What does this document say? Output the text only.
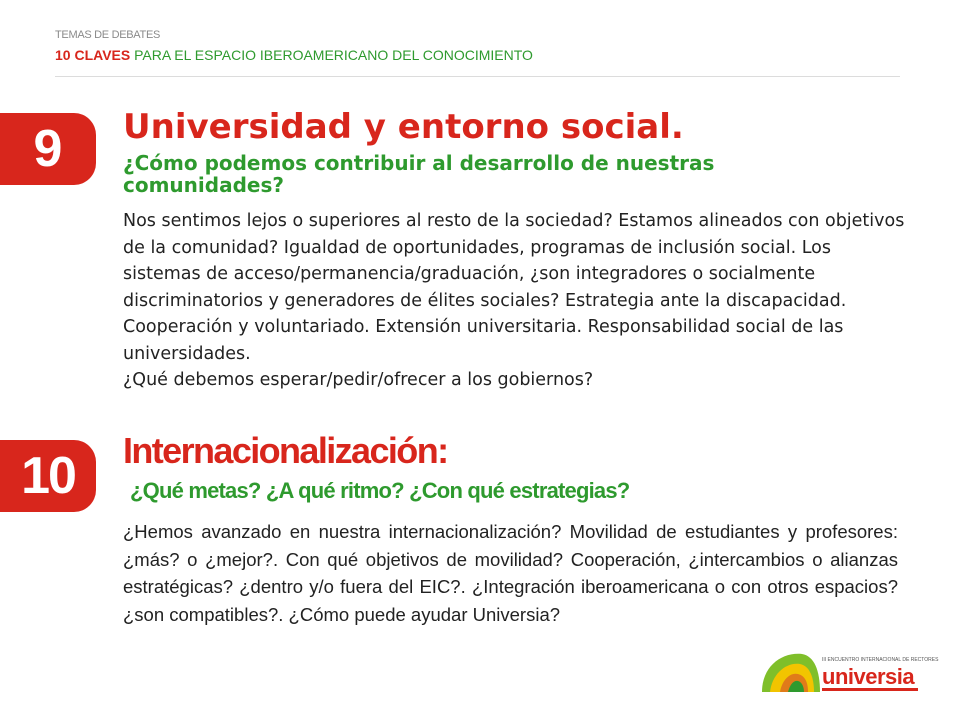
TEMAS DE DEBATES
10 CLAVES PARA EL ESPACIO IBEROAMERICANO DEL CONOCIMIENTO
9	Universidad y entorno social.
¿Cómo podemos contribuir al desarrollo de nuestras comunidades?
Nos sentimos lejos o superiores al resto de la sociedad? Estamos alineados con objetivos de la comunidad? Igualdad de oportunidades, programas de inclusión social. Los sistemas de acceso/permanencia/graduación, ¿son integradores o socialmente discriminatorios y generadores de élites sociales? Estrategia ante la discapacidad. Cooperación y voluntariado. Extensión universitaria. Responsabilidad social de las universidades.
¿Qué debemos esperar/pedir/ofrecer a los gobiernos?
10	Internacionalización:
¿Qué metas? ¿A qué ritmo? ¿Con qué estrategias?
¿Hemos avanzado en nuestra internacionalización? Movilidad de estudiantes y profesores: ¿más? o ¿mejor?. Con qué objetivos de movilidad? Cooperación, ¿intercambios o alianzas estratégicas? ¿dentro y/o fuera del EIC?. ¿Integración iberoamericana o con otros espacios? ¿son compatibles?. ¿Cómo puede ayudar Universia?
III ENCUENTRO INTERNACIONAL DE RECTORES
universia
